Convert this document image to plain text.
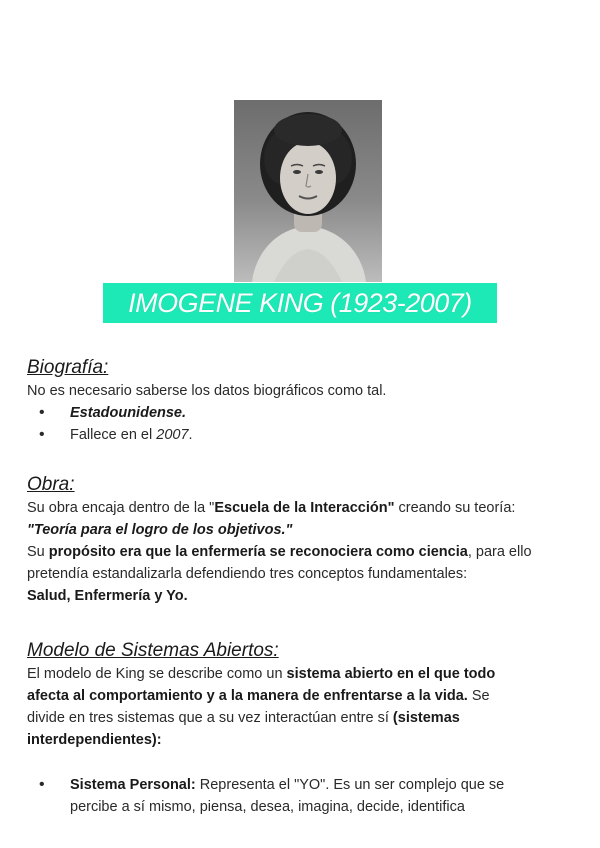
IMOGENE KING (1923-2007)

Biografía:

No es necesario saberse los datos biográficos como tal.

• Estadounidense.
• Fallece en el 2007.

Obra:

Su obra encaja dentro de la "Escuela de la Interacción" creando su teoría:

"Teoría para el logro de los objetivos."

Su propósito era que la enfermería se reconociera como ciencia, para ello

pretendía estandalizarla defendiendo tres conceptos fundamentales:

Salud, Enfermería y Yo.

Modelo de Sistemas Abiertos:

El modelo de King se describe como un sistema abierto en el que todo

afecta al comportamiento y a la manera de enfrentarse a la vida. Se

divide en tres sistemas que a su vez interactúan entre sí (sistemas

interdependientes):

• Sistema Personal: Representa el "YO". Es un ser complejo que se
percibe a sí mismo, piensa, desea, imagina, decide, identifica
